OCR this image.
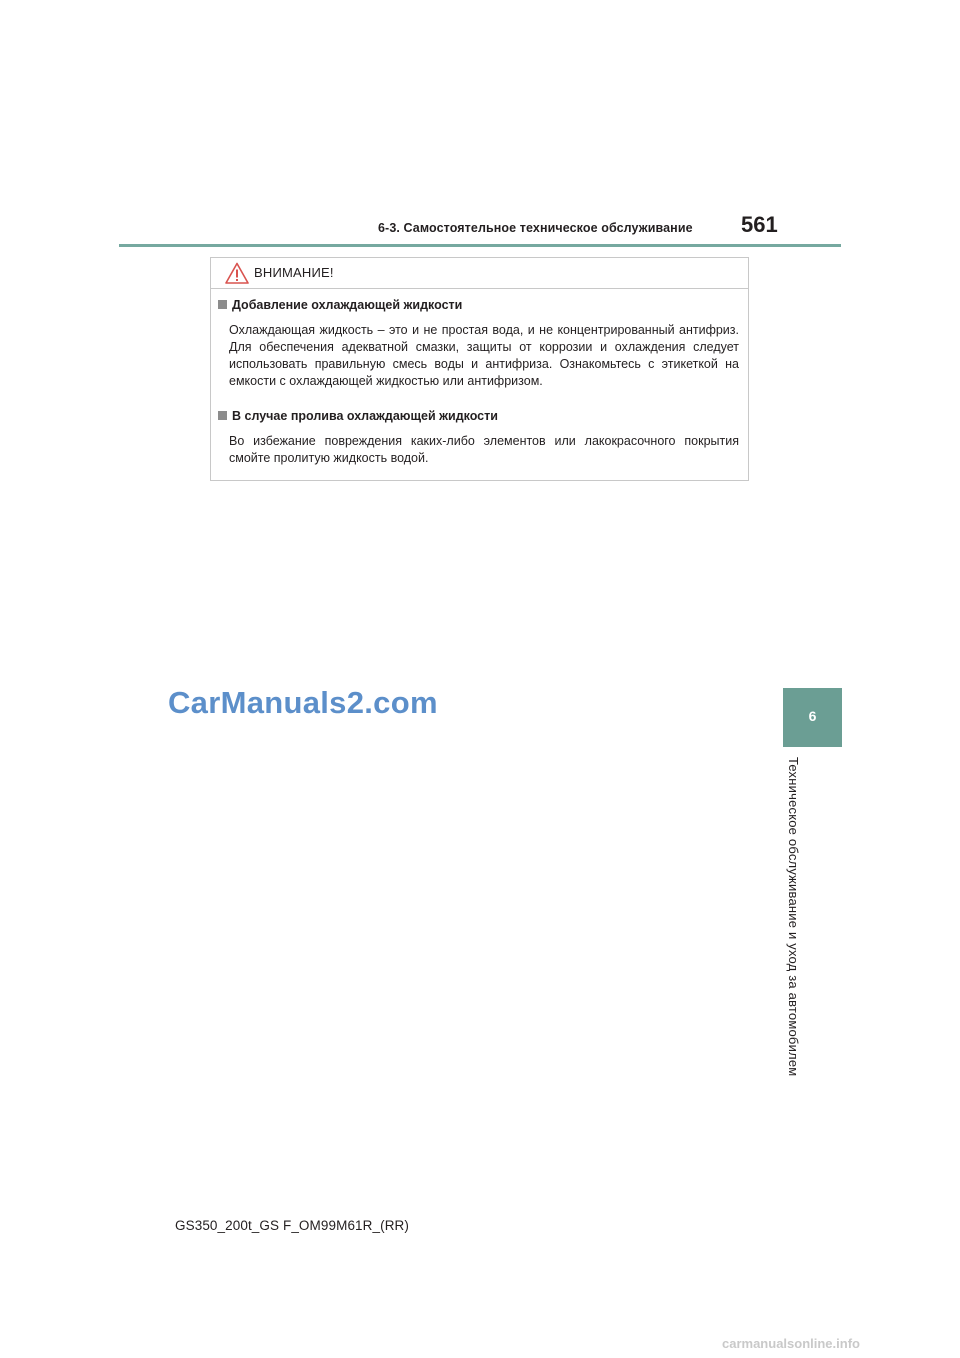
6-3. Самостоятельное техническое обслуживание 561
ВНИМАНИЕ!
Добавление охлаждающей жидкости
Охлаждающая жидкость – это и не простая вода, и не концентрированный антифриз. Для обеспечения адекватной смазки, защиты от коррозии и охлаждения следует использовать правильную смесь воды и антифриза. Ознакомьтесь с этикеткой на емкости с охлаждающей жидкостью или антифризом.
В случае пролива охлаждающей жидкости
Во избежание повреждения каких-либо элементов или лакокрасочного покрытия смойте пролитую жидкость водой.
6
Техническое обслуживание и уход за автомобилем
CarManuals2.com
GS350_200t_GS F_OM99M61R_(RR)
carmanualsonline.info
